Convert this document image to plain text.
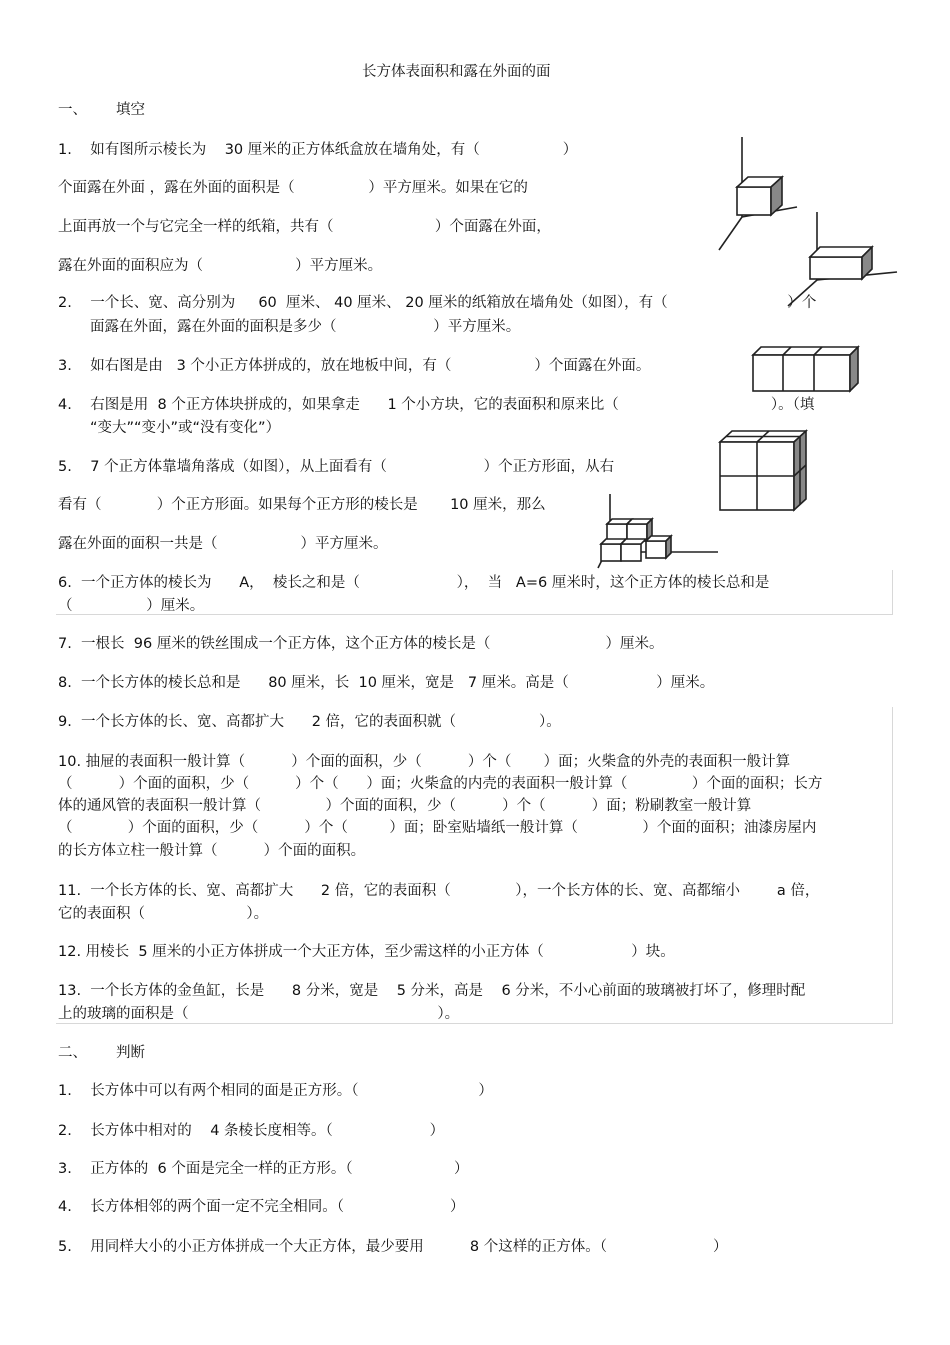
长方体表面积和露在外面的面
一、 填空
1.    如有图所示棱长为    30 厘米的正方体纸盒放在墙角处，有（                  ）
个面露在外面 ，露在外面的面积是（                ）平方厘米。如果在它的
上面再放一个与它完全一样的纸箱，共有（                      ）个面露在外面，
露在外面的面积应为（                    ）平方厘米。
2.    一个长、宽、高分别为     60  厘米、 40 厘米、 20 厘米的纸箱放在墙角处（如图），有（                          ）个
面露在外面，露在外面的面积是多少（                     ）平方厘米。
3.    如右图是由   3 个小正方体拼成的，放在地板中间，有（                  ）个面露在外面。
4.    右图是用  8 个正方体块拼成的，如果拿走      1 个小方块，它的表面积和原来比（                                 ）。（填
“变大”“变小”或“没有变化”）
5.    7 个正方体靠墙角落成（如图），从上面看有（                     ）个正方形面，从右
看有（            ）个正方形面。如果每个正方形的棱长是       10 厘米，那么
露在外面的面积一共是（                  ）平方厘米。
6.  一个正方体的棱长为      A，  棱长之和是（                     ），  当   A=6 厘米时，这个正方体的棱长总和是
（                ）厘米。
7.  一根长  96 厘米的铁丝围成一个正方体，这个正方体的棱长是（                         ）厘米。
8.  一个长方体的棱长总和是      80 厘米，长  10 厘米，宽是   7 厘米。高是（                   ）厘米。
9.  一个长方体的长、宽、高都扩大      2 倍，它的表面积就（                  ）。
10. 抽屉的表面积一般计算（          ）个面的面积，少（          ）个（       ）面；火柴盒的外壳的表面积一般计算
（          ）个面的面积，少（          ）个（      ）面；火柴盒的内壳的表面积一般计算（              ）个面的面积；长方
体的通风管的表面积一般计算（              ）个面的面积，少（          ）个（          ）面；粉刷教室一般计算
（            ）个面的面积，少（          ）个（         ）面；卧室贴墙纸一般计算（              ）个面的面积；油漆房屋内
的长方体立柱一般计算（          ）个面的面积。
11.  一个长方体的长、宽、高都扩大      2 倍，它的表面积（              ），一个长方体的长、宽、高都缩小        a 倍，
它的表面积（                      ）。
12. 用棱长  5 厘米的小正方体拼成一个大正方体，至少需这样的小正方体（                   ）块。
13.  一个长方体的金鱼缸，长是      8 分米，宽是    5 分米，高是    6 分米，不小心前面的玻璃被打坏了，修理时配
上的玻璃的面积是（                                                      ）。
二、 判断
1.    长方体中可以有两个相同的面是正方形。（                          ）
2.    长方体中相对的    4 条棱长度相等。（                     ）
3.    正方体的  6 个面是完全一样的正方形。（                      ）
4.    长方体相邻的两个面一定不完全相同。（                       ）
5.    用同样大小的小正方体拼成一个大正方体，最少要用          8 个这样的正方体。（                       ）
